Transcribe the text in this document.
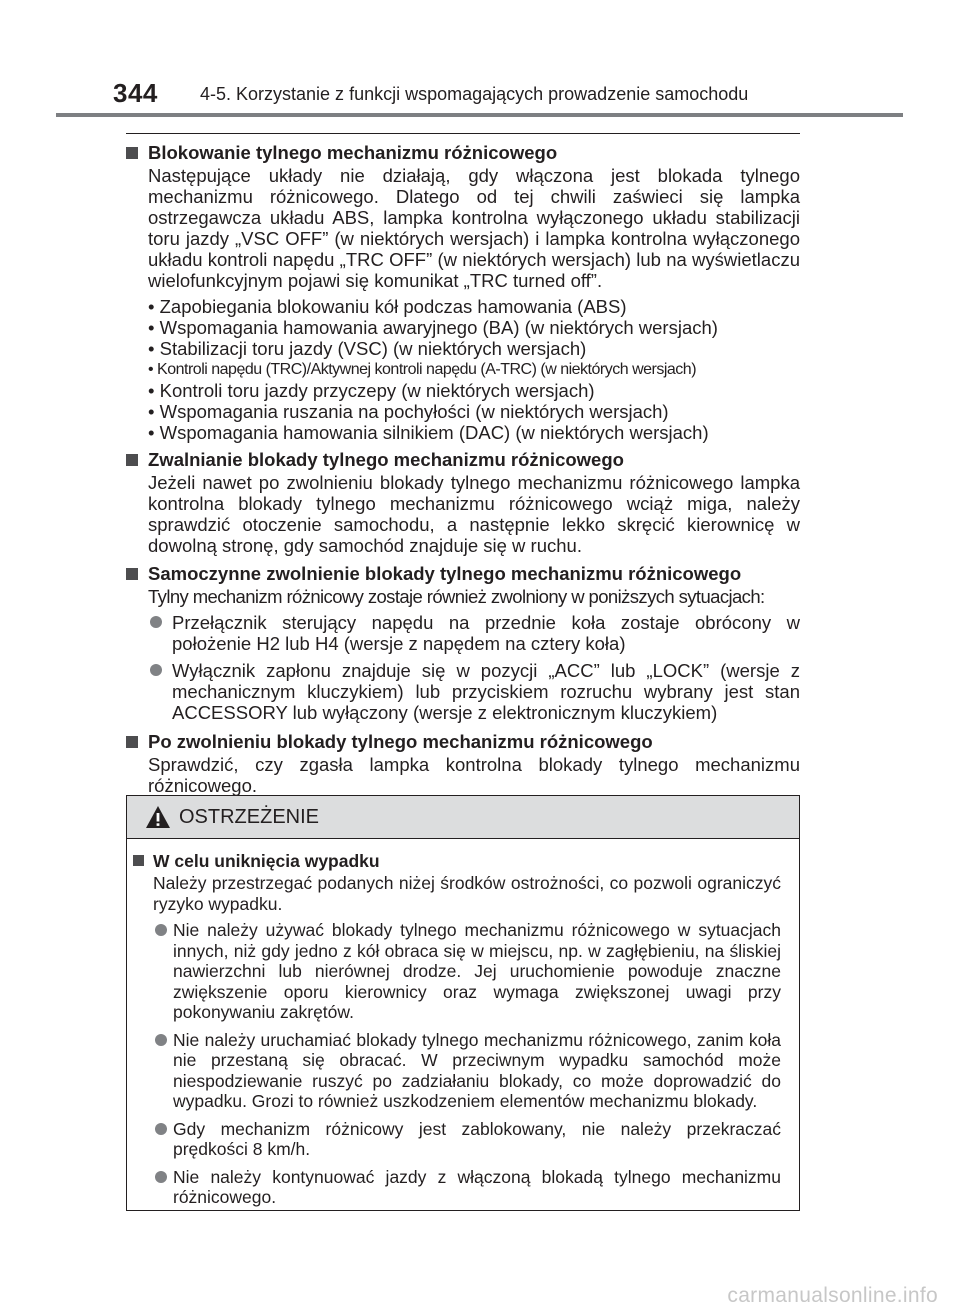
344 4-5. Korzystanie z funkcji wspomagających prowadzenie samochodu
Blokowanie tylnego mechanizmu różnicowego
Następujące układy nie działają, gdy włączona jest blokada tylnego mechanizmu różnicowego. Dlatego od tej chwili zaświeci się lampka ostrzegawcza układu ABS, lampka kontrolna wyłączonego układu stabilizacji toru jazdy „VSC OFF” (w niektórych wersjach) i lampka kontrolna wyłączonego układu kontroli napędu „TRC OFF” (w niektórych wersjach) lub na wyświetlaczu wielofunkcyjnym pojawi się komunikat „TRC turned off”.
• Zapobiegania blokowaniu kół podczas hamowania (ABS)
• Wspomagania hamowania awaryjnego (BA) (w niektórych wersjach)
• Stabilizacji toru jazdy (VSC) (w niektórych wersjach)
• Kontroli napędu (TRC)/Aktywnej kontroli napędu (A-TRC) (w niektórych wersjach)
• Kontroli toru jazdy przyczepy (w niektórych wersjach)
• Wspomagania ruszania na pochyłości (w niektórych wersjach)
• Wspomagania hamowania silnikiem (DAC) (w niektórych wersjach)
Zwalnianie blokady tylnego mechanizmu różnicowego
Jeżeli nawet po zwolnieniu blokady tylnego mechanizmu różnicowego lampka kontrolna blokady tylnego mechanizmu różnicowego wciąż miga, należy sprawdzić otoczenie samochodu, a następnie lekko skręcić kierownicę w dowolną stronę, gdy samochód znajduje się w ruchu.
Samoczynne zwolnienie blokady tylnego mechanizmu różnicowego
Tylny mechanizm różnicowy zostaje również zwolniony w poniższych sytuacjach:
Przełącznik sterujący napędu na przednie koła zostaje obrócony w położenie H2 lub H4 (wersje z napędem na cztery koła)
Wyłącznik zapłonu znajduje się w pozycji „ACC” lub „LOCK” (wersje z mechanicznym kluczykiem) lub przyciskiem rozruchu wybrany jest stan ACCESSORY lub wyłączony (wersje z elektronicznym kluczykiem)
Po zwolnieniu blokady tylnego mechanizmu różnicowego
Sprawdzić, czy zgasła lampka kontrolna blokady tylnego mechanizmu różnicowego.
OSTRZEŻENIE
W celu uniknięcia wypadku
Należy przestrzegać podanych niżej środków ostrożności, co pozwoli ograniczyć ryzyko wypadku.
Nie należy używać blokady tylnego mechanizmu różnicowego w sytuacjach innych, niż gdy jedno z kół obraca się w miejscu, np. w zagłębieniu, na śliskiej nawierzchni lub nierównej drodze. Jej uruchomienie powoduje znaczne zwiększenie oporu kierownicy oraz wymaga zwiększonej uwagi przy pokonywaniu zakrętów.
Nie należy uruchamiać blokady tylnego mechanizmu różnicowego, zanim koła nie przestaną się obracać. W przeciwnym wypadku samochód może niespodziewanie ruszyć po zadziałaniu blokady, co może doprowadzić do wypadku. Grozi to również uszkodzeniem elementów mechanizmu blokady.
Gdy mechanizm różnicowy jest zablokowany, nie należy przekraczać prędkości 8 km/h.
Nie należy kontynuować jazdy z włączoną blokadą tylnego mechanizmu różnicowego.
carmanualsonline.info
